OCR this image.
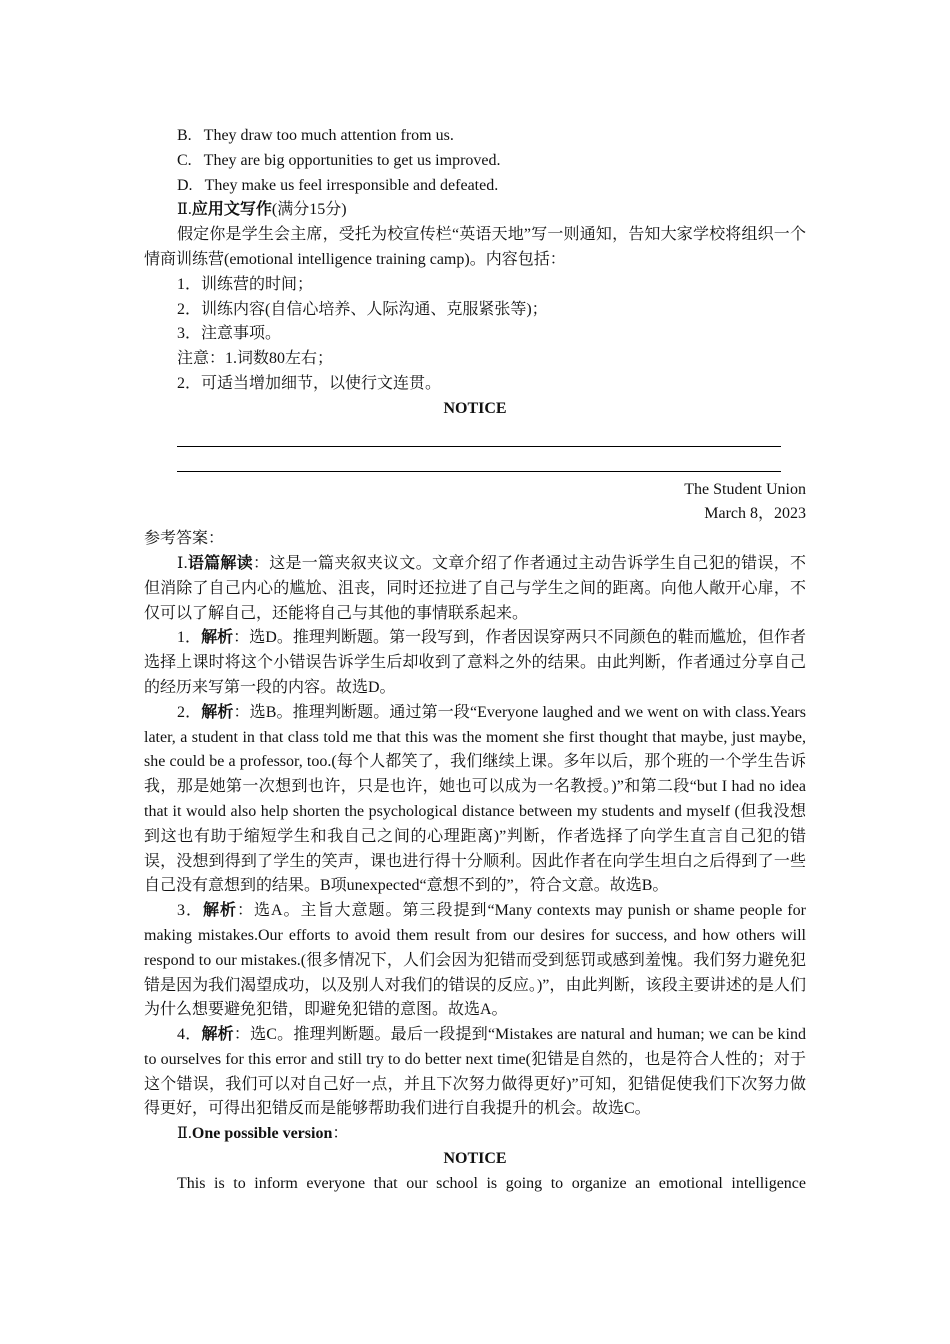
B. They draw too much attention from us.

C. They are big opportunities to get us improved.

D. They make us feel irresponsible and defeated.

Ⅱ.应用文写作(满分15分)

假定你是学生会主席，受托为校宣传栏“英语天地”写一则通知，告知大家学校将组织一个情商训练营(emotional intelligence training camp)。内容包括：

1．训练营的时间；

2．训练内容(自信心培养、人际沟通、克服紧张等)；

3．注意事项。

注意：1.词数80左右；

2．可适当增加细节，以使行文连贯。

NOTICE

The Student Union

March 8，2023

参考答案：

Ⅰ.语篇解读：这是一篇夹叙夹议文。文章介绍了作者通过主动告诉学生自己犯的错误，不但消除了自己内心的尴尬、沮丧，同时还拉进了自己与学生之间的距离。向他人敞开心扉，不仅可以了解自己，还能将自己与其他的事情联系起来。

1．解析：选D。推理判断题。第一段写到，作者因误穿两只不同颜色的鞋而尴尬，但作者选择上课时将这个小错误告诉学生后却收到了意料之外的结果。由此判断，作者通过分享自己的经历来写第一段的内容。故选D。

2．解析：选B。推理判断题。通过第一段“Everyone laughed and we went on with class.Years later, a student in that class told me that this was the moment she first thought that maybe, just maybe, she could be a professor, too.(每个人都笑了，我们继续上课。多年以后，那个班的一个学生告诉我，那是她第一次想到也许，只是也许，她也可以成为一名教授。)”和第二段“but I had no idea that it would also help shorten the psychological distance between my students and myself (但我没想到这也有助于缩短学生和我自己之间的心理距离)”判断，作者选择了向学生直言自己犯的错误，没想到得到了学生的笑声，课也进行得十分顺利。因此作者在向学生坦白之后得到了一些自己没有意想到的结果。B项unexpected“意想不到的”，符合文意。故选B。

3．解析：选A。主旨大意题。第三段提到“Many contexts may punish or shame people for making mistakes.Our efforts to avoid them result from our desires for success, and how others will respond to our mistakes.(很多情况下，人们会因为犯错而受到惩罚或感到羞愧。我们努力避免犯错是因为我们渴望成功，以及别人对我们的错误的反应。)”，由此判断，该段主要讲述的是人们为什么想要避免犯错，即避免犯错的意图。故选A。

4．解析：选C。推理判断题。最后一段提到“Mistakes are natural and human; we can be kind to ourselves for this error and still try to do better next time(犯错是自然的，也是符合人性的；对于这个错误，我们可以对自己好一点，并且下次努力做得更好)”可知，犯错促使我们下次努力做得更好，可得出犯错反而是能够帮助我们进行自我提升的机会。故选C。

Ⅱ.One possible version：

NOTICE

This is to inform everyone that our school is going to organize an emotional intelligence
